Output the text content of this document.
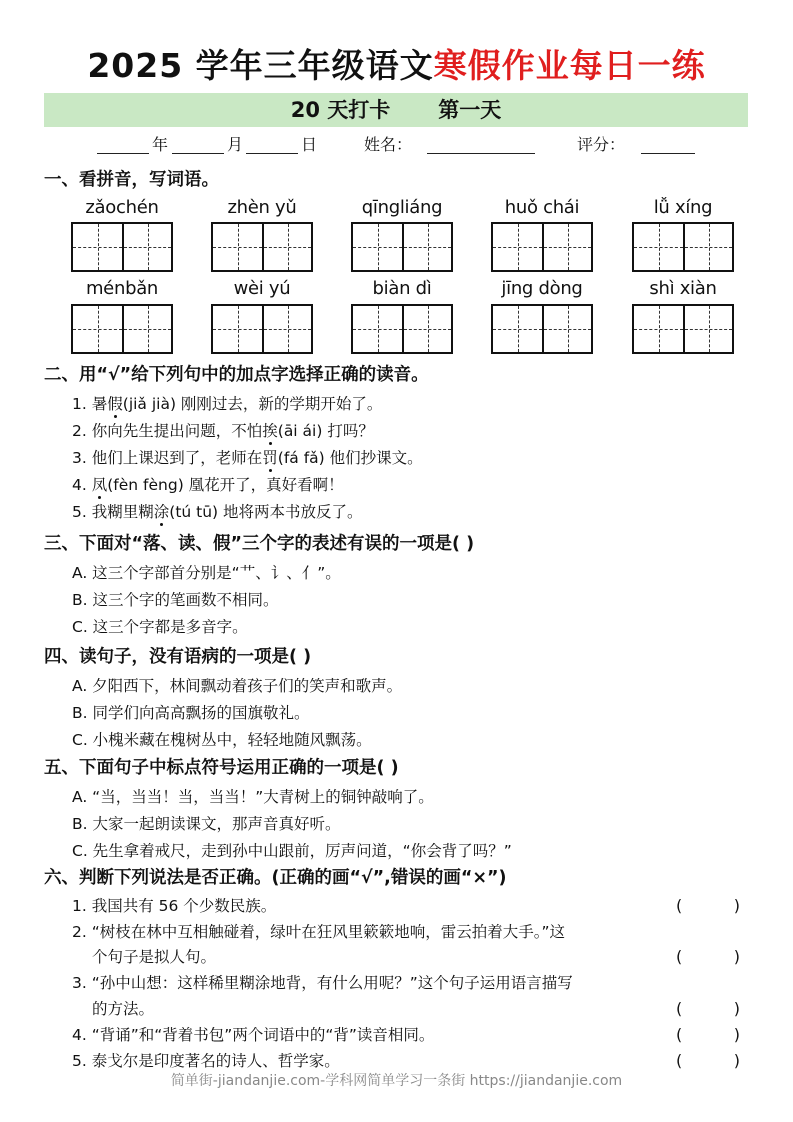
2025 学年三年级语文寒假作业每日一练
20 天打卡 第一天
年	月	日	姓名：	评分：
一、看拼音，写词语。
zǎochén	zhèn yǔ	qīngliáng	huǒ chái	lǚ xíng
ménbǎn	wèi yú	biàn dì	jīng dòng	shì xiàn
二、用“√”给下列句中的加点字选择正确的读音。
1. 暑假(jiǎ jià) 刚刚过去，新的学期开始了。
2. 你向先生提出问题，不怕挨(āi ái) 打吗？
3. 他们上课迟到了，老师在罚(fá fǎ) 他们抄课文。
4. 凤(fèn fèng) 凰花开了，真好看啊！
5. 我糊里糊涂(tú tū) 地将两本书放反了。
三、下面对“落、读、假”三个字的表述有误的一项是( )
A. 这三个字部首分别是“艹、讠、亻”。
B. 这三个字的笔画数不相同。
C. 这三个字都是多音字。
四、读句子，没有语病的一项是( )
A. 夕阳西下，林间飘动着孩子们的笑声和歌声。
B. 同学们向高高飘扬的国旗敬礼。
C. 小槐米藏在槐树丛中，轻轻地随风飘荡。
五、下面句子中标点符号运用正确的一项是( )
A. “当，当当！当，当当！”大青树上的铜钟敲响了。
B. 大家一起朗读课文，那声音真好听。
C. 先生拿着戒尺，走到孙中山跟前，厉声问道，“你会背了吗？”
六、判断下列说法是否正确。(正确的画“√”,错误的画“×”)
1. 我国共有 56 个少数民族。	(	)
2. “树枝在林中互相触碰着，绿叶在狂风里簌簌地响，雷云拍着大手。”这
个句子是拟人句。	(	)
3. “孙中山想：这样稀里糊涂地背，有什么用呢？”这个句子运用语言描写
的方法。	(	)
4. “背诵”和“背着书包”两个词语中的“背”读音相同。	(	)
5. 泰戈尔是印度著名的诗人、哲学家。	(	)
简单街-jiandanjie.com-学科网简单学习一条街 https://jiandanjie.com
